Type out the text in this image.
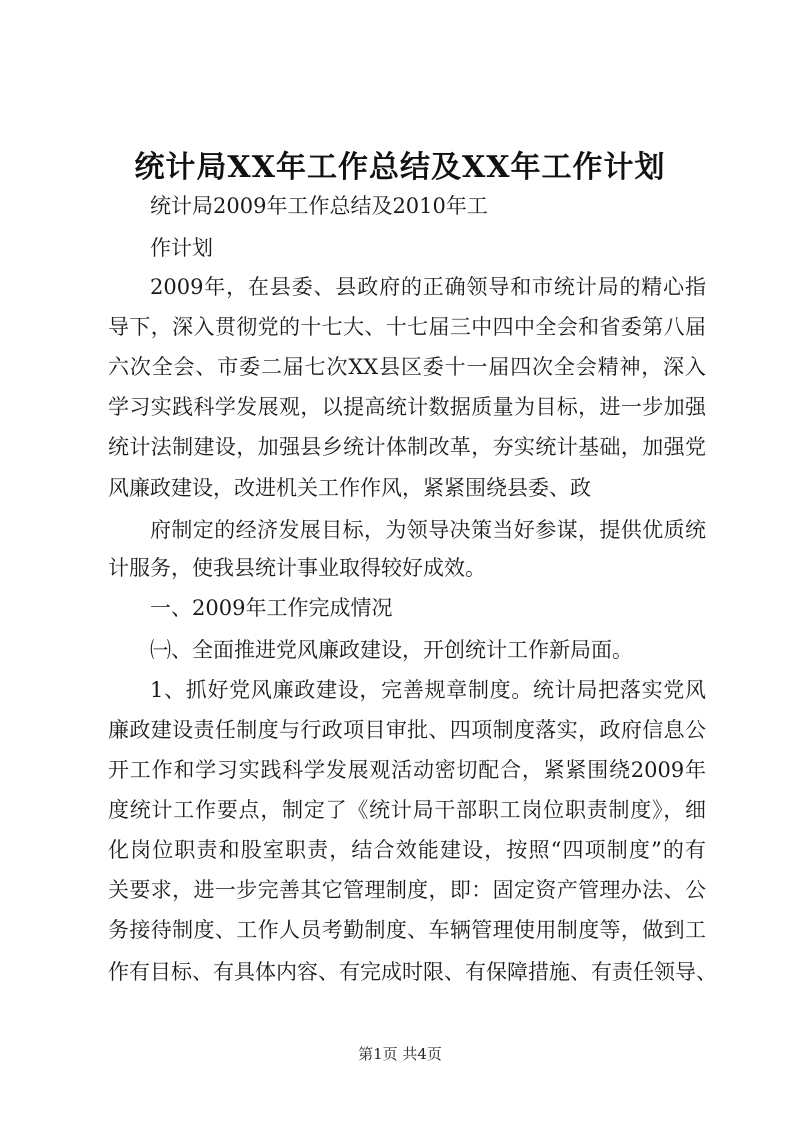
统计局XX年工作总结及XX年工作计划
统计局2009年工作总结及2010年工
作计划
2009年，在县委、县政府的正确领导和市统计局的精心指
导下，深入贯彻党的十七大、十七届三中四中全会和省委第八届
六次全会、市委二届七次XX县区委十一届四次全会精神，深入
学习实践科学发展观，以提高统计数据质量为目标，进一步加强
统计法制建设，加强县乡统计体制改革，夯实统计基础，加强党
风廉政建设，改进机关工作作风，紧紧围绕县委、政
府制定的经济发展目标，为领导决策当好参谋，提供优质统
计服务，使我县统计事业取得较好成效。
一、2009年工作完成情况
㈠、全面推进党风廉政建设，开创统计工作新局面。
1、抓好党风廉政建设，完善规章制度。统计局把落实党风
廉政建设责任制度与行政项目审批、四项制度落实，政府信息公
开工作和学习实践科学发展观活动密切配合，紧紧围绕2009年
度统计工作要点，制定了《统计局干部职工岗位职责制度》，细
化岗位职责和股室职责，结合效能建设，按照“四项制度”的有
关要求，进一步完善其它管理制度，即：固定资产管理办法、公
务接待制度、工作人员考勤制度、车辆管理使用制度等，做到工
作有目标、有具体内容、有完成时限、有保障措施、有责任领导、
第1页 共4页
